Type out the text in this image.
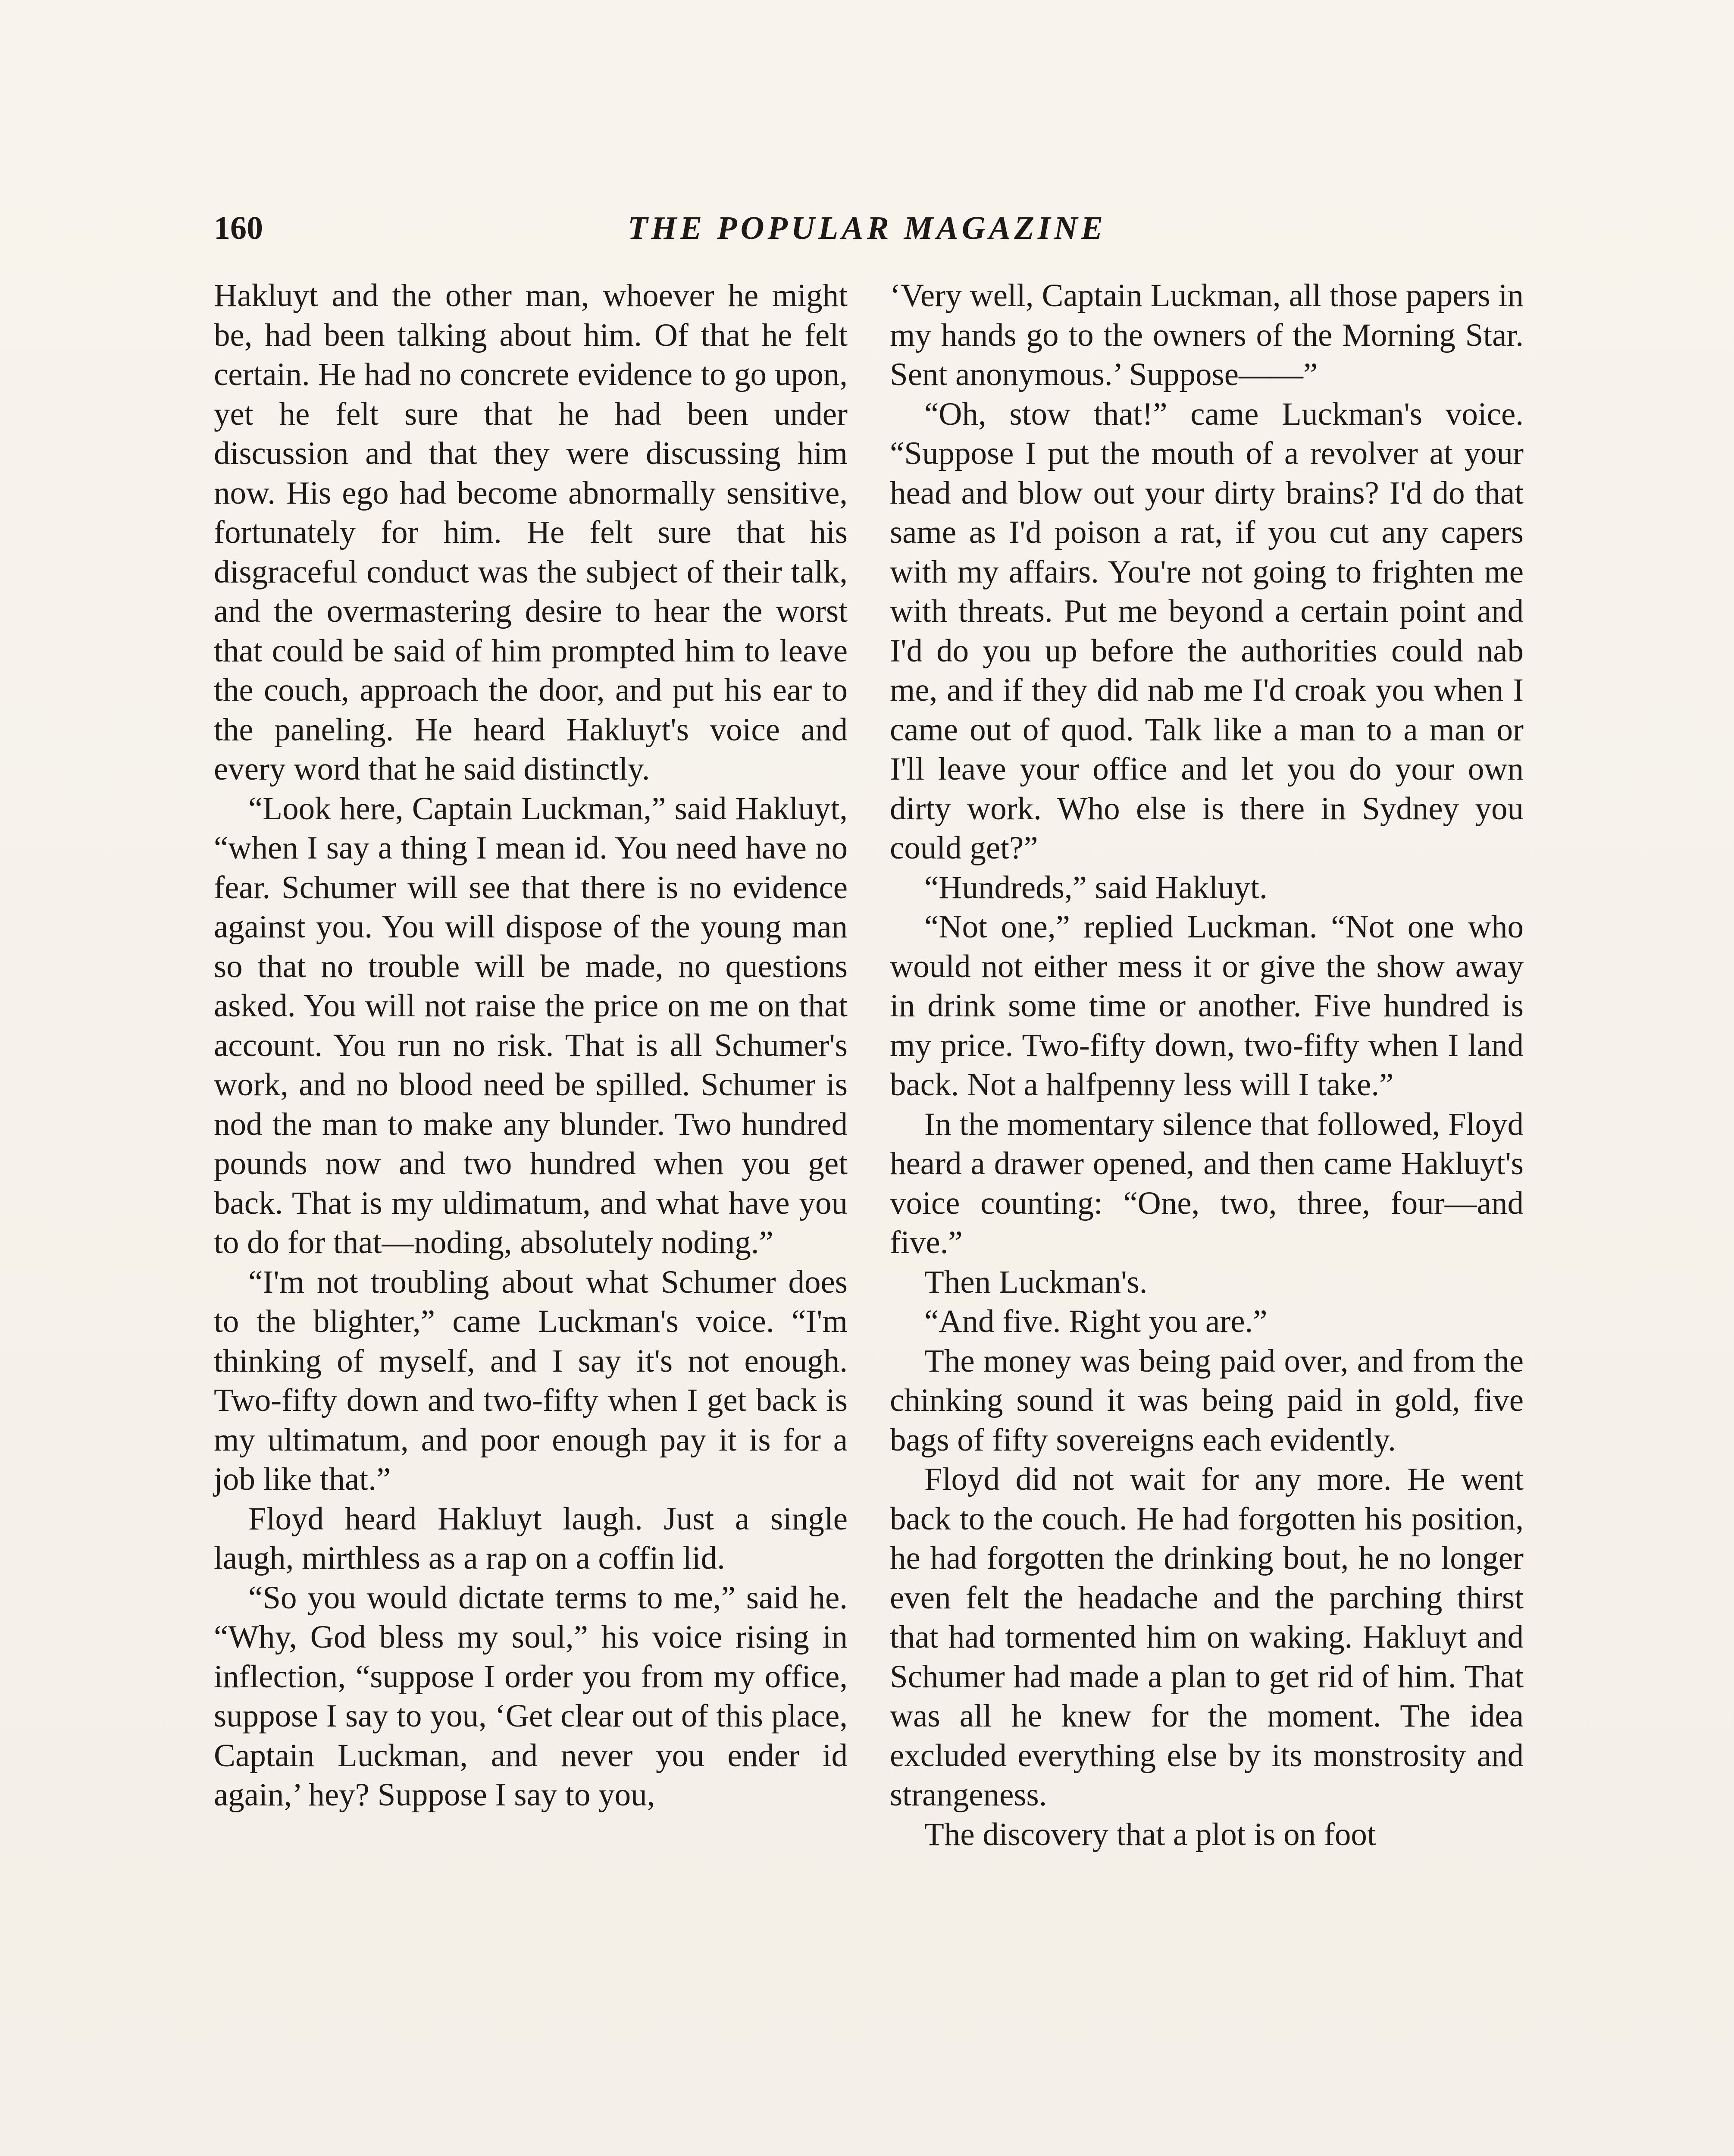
160	THE POPULAR MAGAZINE

Hakluyt and the other man, whoever he might be, had been talking about him. Of that he felt certain. He had no concrete evidence to go upon, yet he felt sure that he had been under discussion and that they were discussing him now. His ego had become abnormally sensitive, fortunately for him. He felt sure that his disgraceful conduct was the subject of their talk, and the overmastering desire to hear the worst that could be said of him prompted him to leave the couch, approach the door, and put his ear to the paneling. He heard Hakluyt's voice and every word that he said distinctly.

“Look here, Captain Luckman,” said Hakluyt, “when I say a thing I mean id. You need have no fear. Schumer will see that there is no evidence against you. You will dispose of the young man so that no trouble will be made, no questions asked. You will not raise the price on me on that account. You run no risk. That is all Schumer's work, and no blood need be spilled. Schumer is nod the man to make any blunder. Two hundred pounds now and two hundred when you get back. That is my uldimatum, and what have you to do for that—noding, absolutely noding.”

“I'm not troubling about what Schumer does to the blighter,” came Luckman's voice. “I'm thinking of myself, and I say it's not enough. Two-fifty down and two-fifty when I get back is my ultimatum, and poor enough pay it is for a job like that.”

Floyd heard Hakluyt laugh. Just a single laugh, mirthless as a rap on a coffin lid.

“So you would dictate terms to me,” said he. “Why, God bless my soul,” his voice rising in inflection, “suppose I order you from my office, suppose I say to you, ‘Get clear out of this place, Captain Luckman, and never you ender id again,’ hey? Suppose I say to you,

‘Very well, Captain Luckman, all those papers in my hands go to the owners of the Morning Star. Sent anonymous.’ Suppose——”

“Oh, stow that!” came Luckman's voice. “Suppose I put the mouth of a revolver at your head and blow out your dirty brains? I'd do that same as I'd poison a rat, if you cut any capers with my affairs. You're not going to frighten me with threats. Put me beyond a certain point and I'd do you up before the authorities could nab me, and if they did nab me I'd croak you when I came out of quod. Talk like a man to a man or I'll leave your office and let you do your own dirty work. Who else is there in Sydney you could get?”

“Hundreds,” said Hakluyt.

“Not one,” replied Luckman. “Not one who would not either mess it or give the show away in drink some time or another. Five hundred is my price. Two-fifty down, two-fifty when I land back. Not a halfpenny less will I take.”

In the momentary silence that followed, Floyd heard a drawer opened, and then came Hakluyt's voice counting: “One, two, three, four—and five.”

Then Luckman's.

“And five. Right you are.”

The money was being paid over, and from the chinking sound it was being paid in gold, five bags of fifty sovereigns each evidently.

Floyd did not wait for any more. He went back to the couch. He had forgotten his position, he had forgotten the drinking bout, he no longer even felt the headache and the parching thirst that had tormented him on waking. Hakluyt and Schumer had made a plan to get rid of him. That was all he knew for the moment. The idea excluded everything else by its monstrosity and strangeness.

The discovery that a plot is on foot
